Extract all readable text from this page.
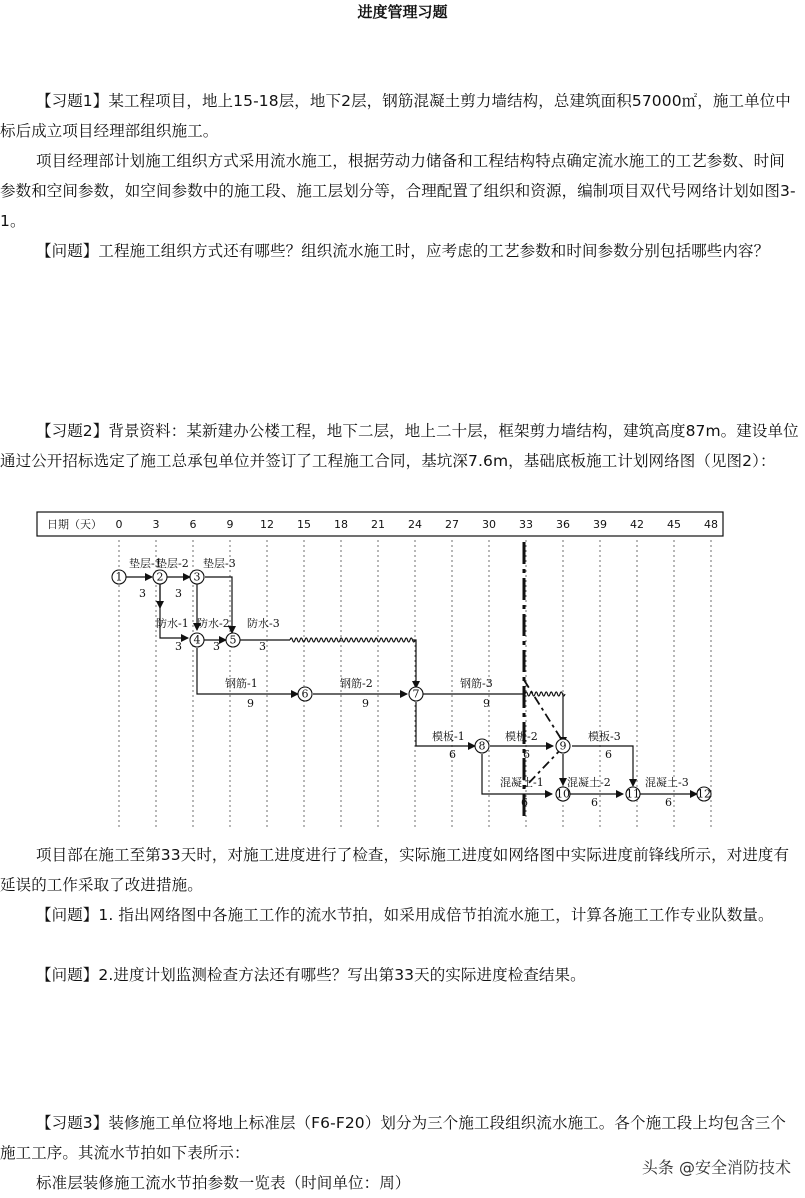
进度管理习题

【习题1】某工程项目，地上15-18层，地下2层，钢筋混凝土剪力墙结构，总建筑面积57000㎡，施工单位中标后成立项目经理部组织施工。

项目经理部计划施工组织方式采用流水施工，根据劳动力储备和工程结构特点确定流水施工的工艺参数、时间参数和空间参数，如空间参数中的施工段、施工层划分等，合理配置了组织和资源，编制项目双代号网络计划如图3-1。

【问题】工程施工组织方式还有哪些？组织流水施工时，应考虑的工艺参数和时间参数分别包括哪些内容？

【习题2】背景资料：某新建办公楼工程，地下二层，地上二十层，框架剪力墙结构，建筑高度87m。建设单位通过公开招标选定了施工总承包单位并签订了工程施工合同，基坑深7.6m，基础底板施工计划网络图（见图2）：

日期（天） 0	3	6	9 12 15 18 21 24 27 30 33 36 39 42 45 48
1	2	3
4	5
6	7
8	9
10	11	12
垫层-1
3
垫层-2
3
垫层-3
防水-1
3
防水-2
3
防水-3
3
钢筋-1
9
钢筋-2
9
钢筋-3
9
模板-1
6
模板-2
6
模板-3
6
混凝土-1
6
混凝土-2
6
混凝土-3
6

项目部在施工至第33天时，对施工进度进行了检查，实际施工进度如网络图中实际进度前锋线所示，对进度有延误的工作采取了改进措施。

【问题】1. 指出网络图中各施工工作的流水节拍，如采用成倍节拍流水施工，计算各施工工作专业队数量。

【问题】2.进度计划监测检查方法还有哪些？写出第33天的实际进度检查结果。

【习题3】装修施工单位将地上标准层（F6-F20）划分为三个施工段组织流水施工。各个施工段上均包含三个施工工序。其流水节拍如下表所示：

标准层装修施工流水节拍参数一览表（时间单位：周）

头条 @安全消防技术
